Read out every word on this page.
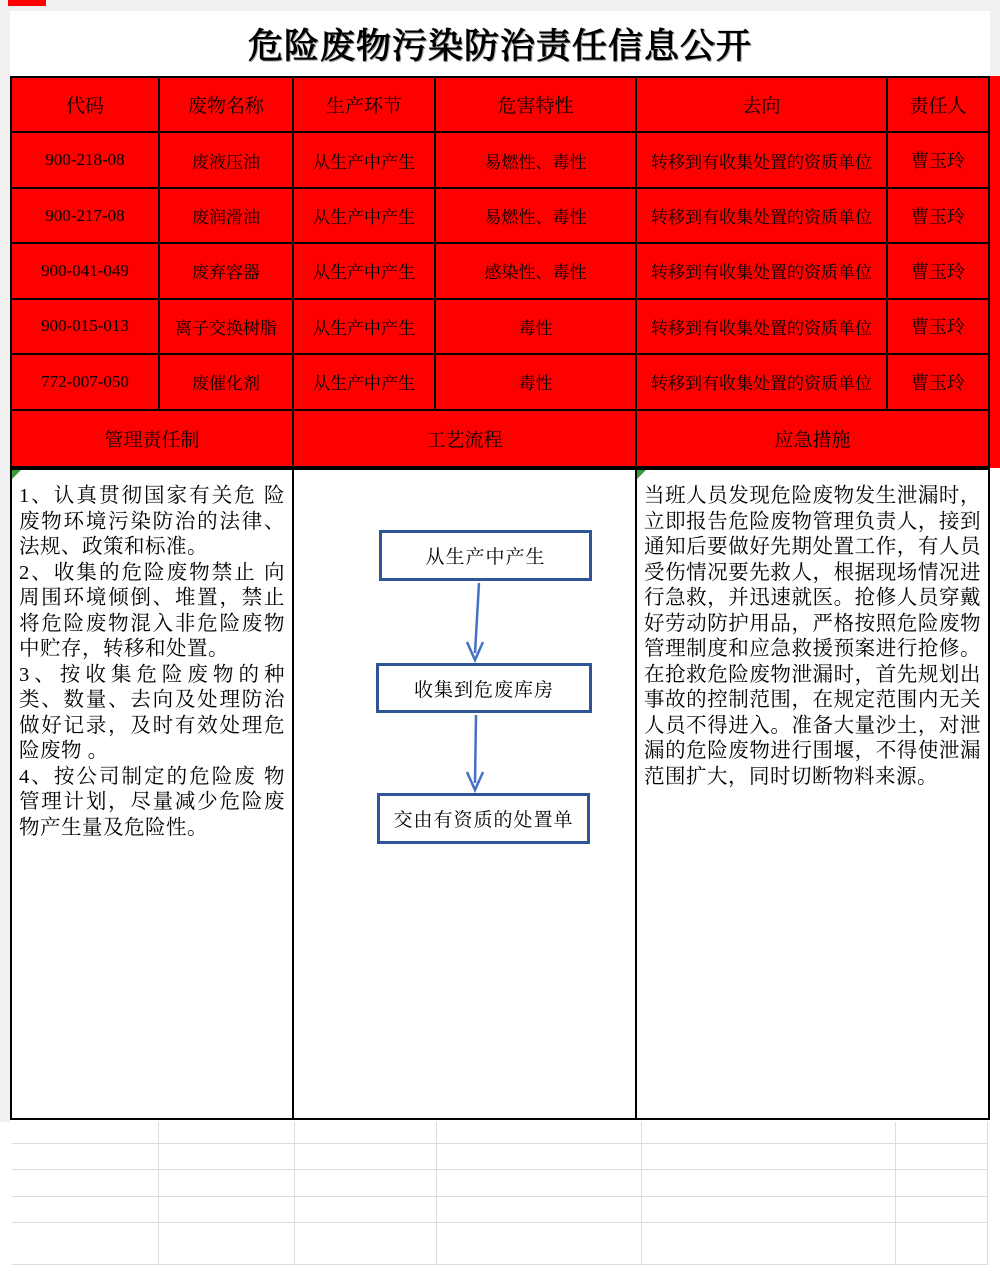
危险废物污染防治责任信息公开
代码	废物名称	生产环节	危害特性	去向	责任人
900-218-08	废液压油	从生产中产生	易燃性、毒性	转移到有收集处置的资质单位	曹玉玲
900-217-08	废润滑油	从生产中产生	易燃性、毒性	转移到有收集处置的资质单位	曹玉玲
900-041-049	废弃容器	从生产中产生	感染性、毒性	转移到有收集处置的资质单位	曹玉玲
900-015-013	离子交换树脂	从生产中产生	毒性	转移到有收集处置的资质单位	曹玉玲
772-007-050	废催化剂	从生产中产生	毒性	转移到有收集处置的资质单位	曹玉玲
管理责任制	工艺流程	应急措施

1、认真贯彻国家有关危 险废物环境污染防治的法律、法规、政策和标准。

2、收集的危险废物禁止 向周围环境倾倒、堆置，禁止将危险废物混入非危险废物中贮存，转移和处置。

3、按收集危险废物的种 类、数量、去向及处理防治 做好记录，及时有效处理危险废物 。

4、按公司制定的危险废 物管理计划，尽量减少危险废物产生量及危险性。

从生产中产生
收集到危废库房
交由有资质的处置单
当班人员发现危险废物发生泄漏时，立即报告危险废物管理负责人，接到通知后要做好先期处置工作，有人员受伤情况要先救人，根据现场情况进行急救，并迅速就医。抢修人员穿戴好劳动防护用品，严格按照危险废物管理制度和应急救援预案进行抢修。在抢救危险废物泄漏时，首先规划出事故的控制范围，在规定范围内无关人员不得进入。准备大量沙土，对泄漏的危险废物进行围堰，不得使泄漏范围扩大，同时切断物料来源。
